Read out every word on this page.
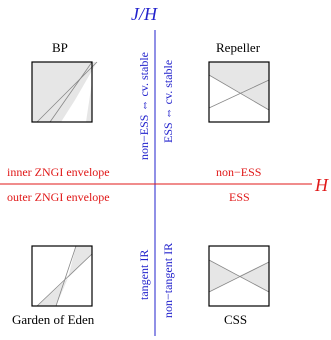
J/H
H
BP	Repeller
Garden of Eden	CSS
inner ZNGI envelope
outer ZNGI envelope
non−ESS
ESS
non−ESS ⇔ cv. stable ESS ⇔ cv. stable
tangent IR non−tangent IR
